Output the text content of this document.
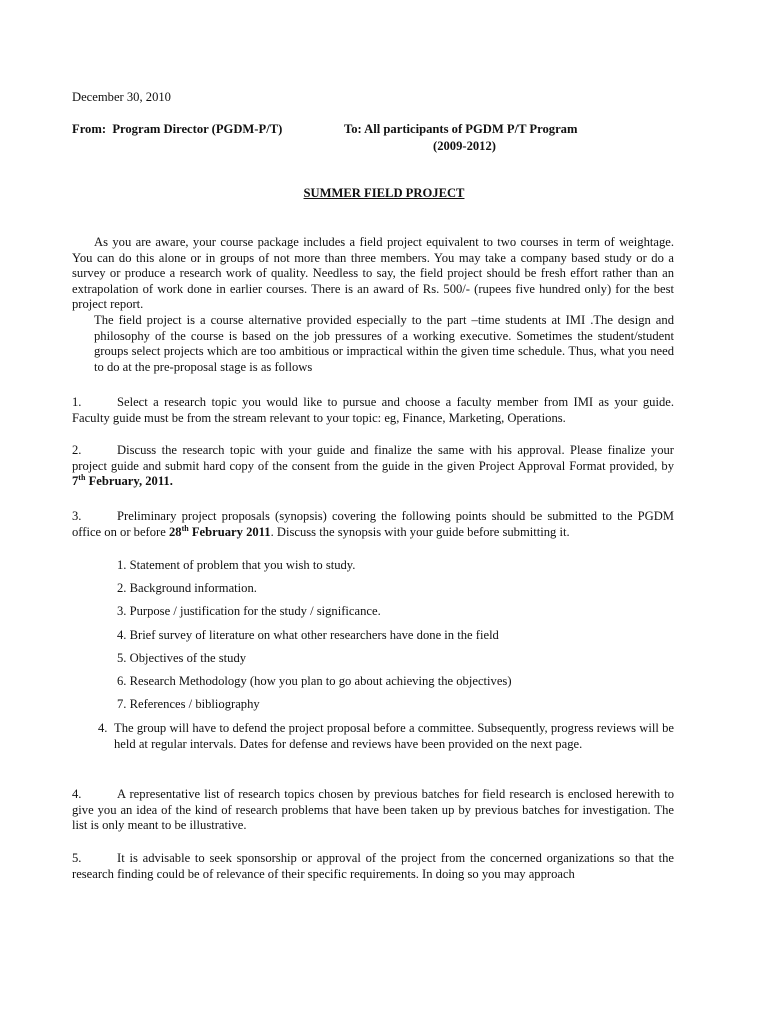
December 30, 2010
From:  Program Director (PGDM-P/T)	To: All participants of PGDM P/T Program
(2009-2012)
SUMMER FIELD PROJECT

As you are aware, your course package includes a field project equivalent to two courses in term of weightage. You can do this alone or in groups of not more than three members. You may take a company based study or do a survey or produce a research work of quality. Needless to say, the field project should be fresh effort rather than an extrapolation of work done in earlier courses. There is an award of Rs. 500/- (rupees five hundred only) for the best project report.

The field project is a course alternative provided especially to the part –time students at IMI .The design and philosophy of the course is based on the job pressures of a working executive. Sometimes the student/student groups select projects which are too ambitious or impractical within the given time schedule. Thus, what you need to do at the pre-proposal stage is as follows

1.	Select a research topic you would like to pursue and choose a faculty member from IMI as your guide. Faculty guide must be from the stream relevant to your topic: eg, Finance, Marketing, Operations.
2.	Discuss the research topic with your guide and finalize the same with his approval. Please finalize your project guide and submit hard copy of the consent from the guide in the given Project Approval Format provided, by 7th February, 2011.
3.	Preliminary project proposals (synopsis) covering the following points should be submitted to the PGDM office on or before 28th February 2011. Discuss the synopsis with your guide before submitting it.
1. Statement of problem that you wish to study.
2. Background information.
3. Purpose / justification for the study / significance.
4. Brief survey of literature on what other researchers have done in the field
5. Objectives of the study
6. Research Methodology (how you plan to go about achieving the objectives)
7. References / bibliography
4. The group will have to defend the project proposal before a committee. Subsequently, progress reviews will be held at regular intervals. Dates for defense and reviews have been provided on the next page.
4.	A representative list of research topics chosen by previous batches for field research is enclosed herewith to give you an idea of the kind of research problems that have been taken up by previous batches for investigation. The list is only meant to be illustrative.
5.	It is advisable to seek sponsorship or approval of the project from the concerned organizations so that the research finding could be of relevance of their specific requirements. In doing so you may approach
